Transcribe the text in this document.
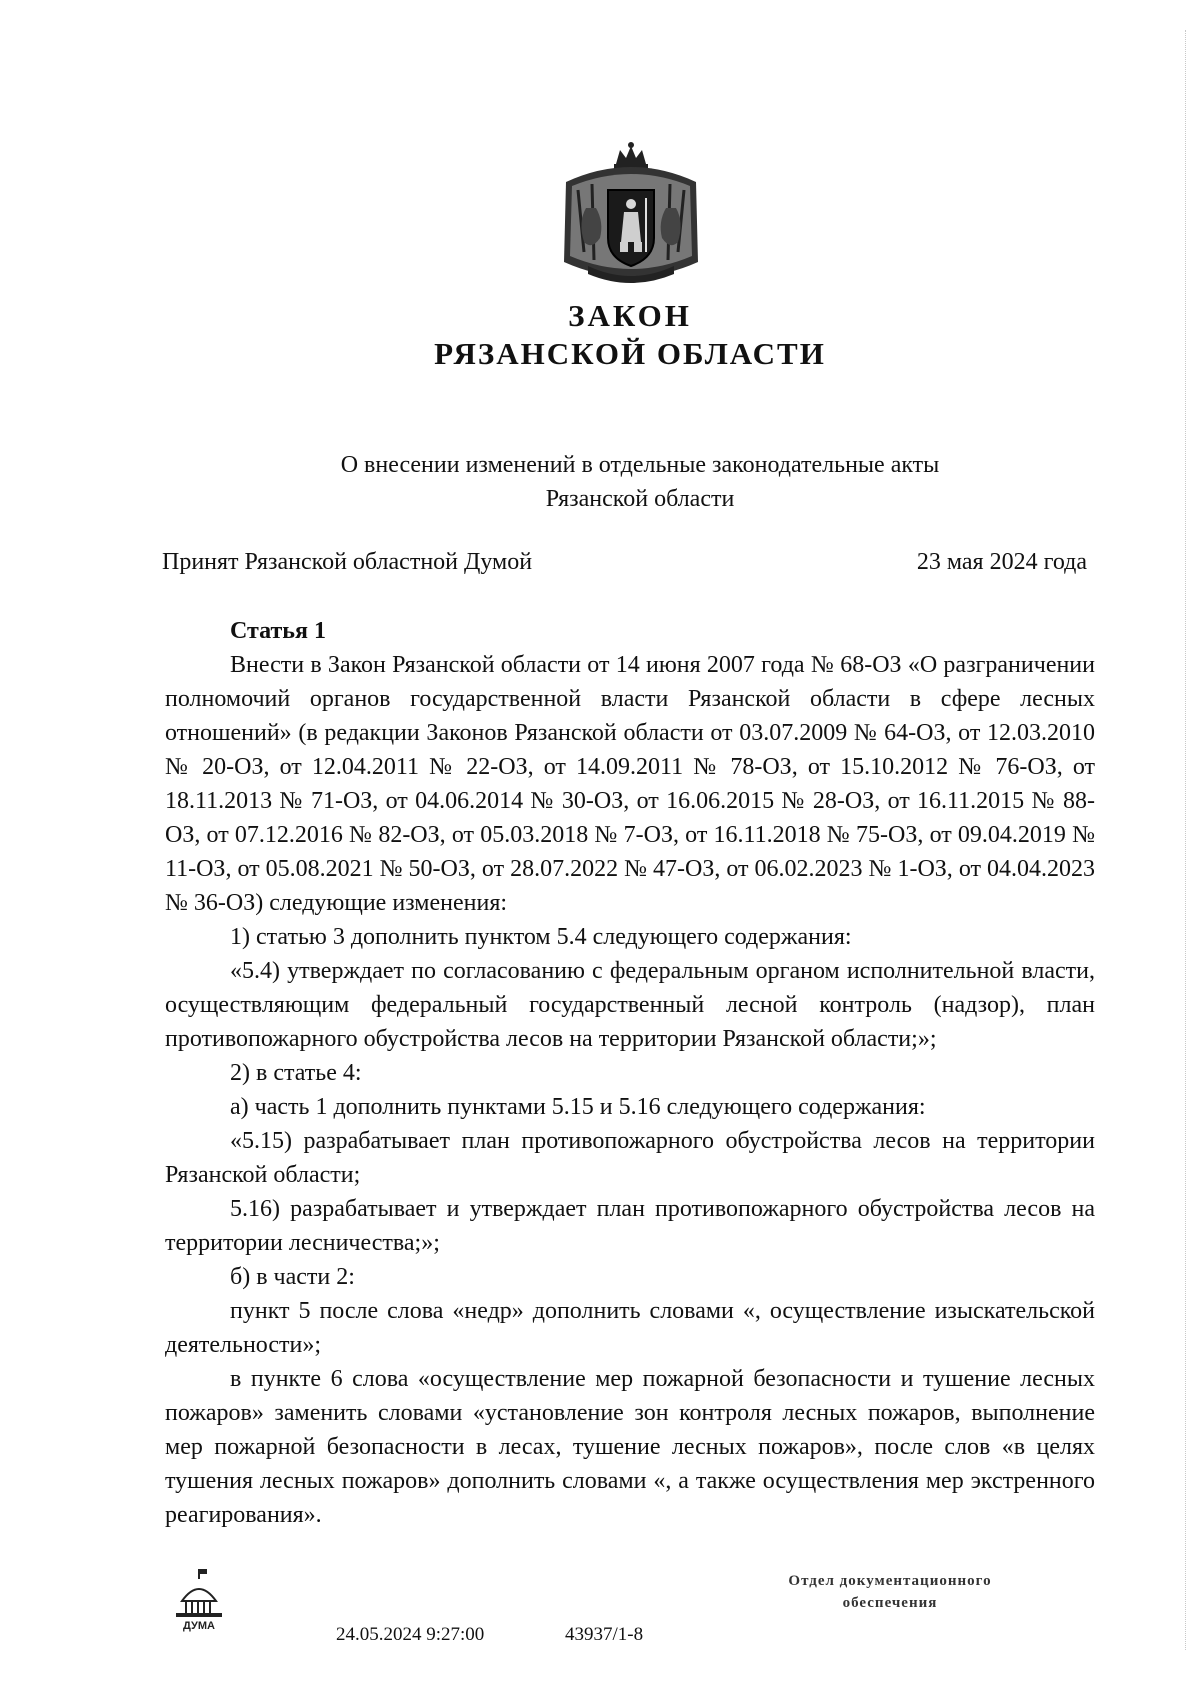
ЗАКОН
РЯЗАНСКОЙ ОБЛАСТИ
О внесении изменений в отдельные законодательные акты
Рязанской области
Принят Рязанской областной Думой	23 мая 2024 года

Статья 1

Внести в Закон Рязанской области от 14 июня 2007 года № 68-ОЗ «О разграничении полномочий органов государственной власти Рязанской области в сфере лесных отношений» (в редакции Законов Рязанской области от 03.07.2009 № 64-ОЗ, от 12.03.2010 № 20-ОЗ, от 12.04.2011 № 22-ОЗ, от 14.09.2011 № 78-ОЗ, от 15.10.2012 № 76-ОЗ, от 18.11.2013 № 71-ОЗ, от 04.06.2014 № 30-ОЗ, от 16.06.2015 № 28-ОЗ, от 16.11.2015 № 88-ОЗ, от 07.12.2016 № 82-ОЗ, от 05.03.2018 № 7-ОЗ, от 16.11.2018 № 75-ОЗ, от 09.04.2019 № 11-ОЗ, от 05.08.2021 № 50-ОЗ, от 28.07.2022 № 47-ОЗ, от 06.02.2023 № 1-ОЗ, от 04.04.2023 № 36-ОЗ) следующие изменения:

1) статью 3 дополнить пунктом 5.4 следующего содержания:

«5.4) утверждает по согласованию с федеральным органом исполнительной власти, осуществляющим федеральный государственный лесной контроль (надзор), план противопожарного обустройства лесов на территории Рязанской области;»;

2) в статье 4:

а) часть 1 дополнить пунктами 5.15 и 5.16 следующего содержания:

«5.15) разрабатывает план противопожарного обустройства лесов на территории Рязанской области;

5.16) разрабатывает и утверждает план противопожарного обустройства лесов на территории лесничества;»;

б) в части 2:

пункт 5 после слова «недр» дополнить словами «, осуществление изыскательской деятельности»;

в пункте 6 слова «осуществление мер пожарной безопасности и тушение лесных пожаров» заменить словами «установление зон контроля лесных пожаров, выполнение мер пожарной безопасности в лесах, тушение лесных пожаров», после слов «в целях тушения лесных пожаров» дополнить словами «, а также осуществления мер экстренного реагирования».

ДУМА	24.05.2024 9:27:00	43937/1-8
Отдел документационного
обеспечения
